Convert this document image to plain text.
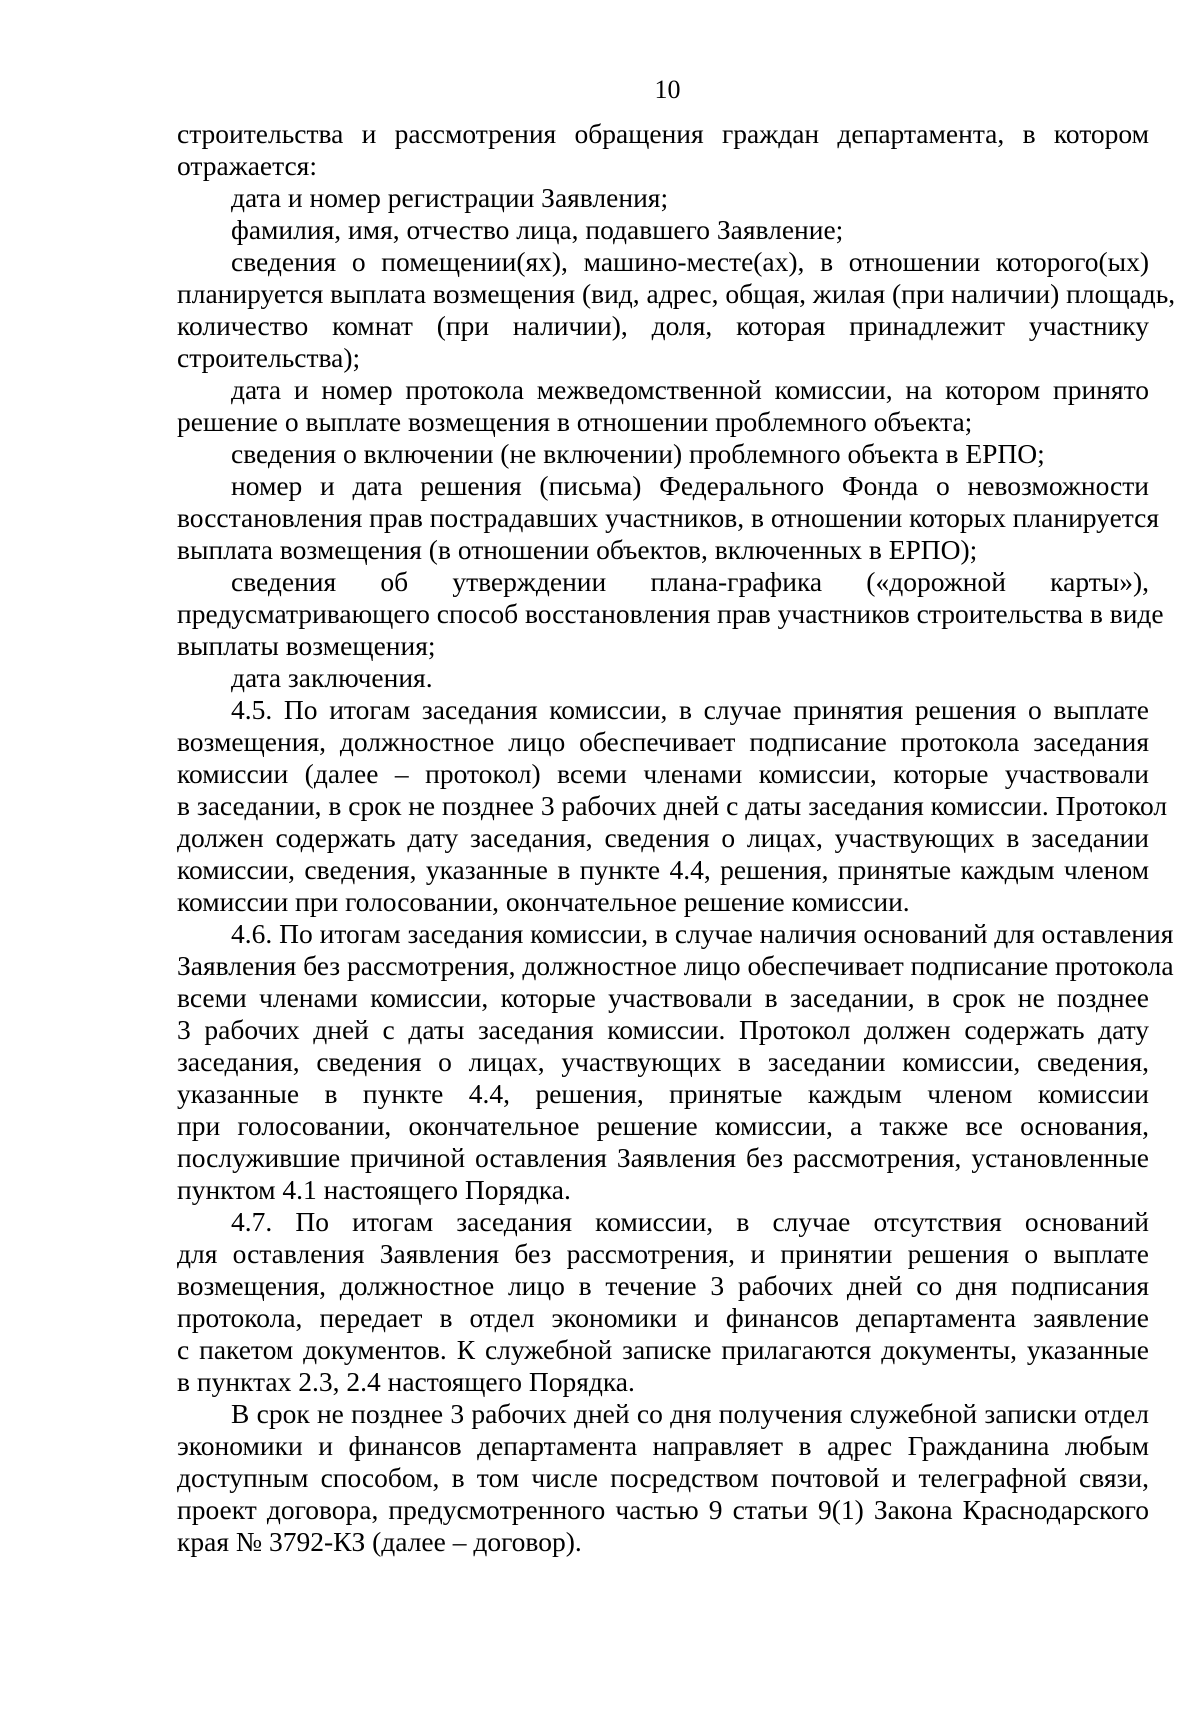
10
строительства и рассмотрения обращения граждан департамента, в котором
отражается:
дата и номер регистрации Заявления;
фамилия, имя, отчество лица, подавшего Заявление;
сведения о помещении(ях), машино-месте(ах), в отношении которого(ых)
планируется выплата возмещения (вид, адрес, общая, жилая (при наличии) площадь,
количество комнат (при наличии), доля, которая принадлежит участнику
строительства);
дата и номер протокола межведомственной комиссии, на котором принято
решение о выплате возмещения в отношении проблемного объекта;
сведения о включении (не включении) проблемного объекта в ЕРПО;
номер и дата решения (письма) Федерального Фонда о невозможности
восстановления прав пострадавших участников, в отношении которых планируется
выплата возмещения (в отношении объектов, включенных в ЕРПО);
сведения об утверждении плана-графика («дорожной карты»),
предусматривающего способ восстановления прав участников строительства в виде
выплаты возмещения;
дата заключения.
4.5. По итогам заседания комиссии, в случае принятия решения о выплате
возмещения, должностное лицо обеспечивает подписание протокола заседания
комиссии (далее – протокол) всеми членами комиссии, которые участвовали
в заседании, в срок не позднее 3 рабочих дней с даты заседания комиссии. Протокол
должен содержать дату заседания, сведения о лицах, участвующих в заседании
комиссии, сведения, указанные в пункте 4.4, решения, принятые каждым членом
комиссии при голосовании, окончательное решение комиссии.
4.6. По итогам заседания комиссии, в случае наличия оснований для оставления
Заявления без рассмотрения, должностное лицо обеспечивает подписание протокола
всеми членами комиссии, которые участвовали в заседании, в срок не позднее
3 рабочих дней с даты заседания комиссии. Протокол должен содержать дату
заседания, сведения о лицах, участвующих в заседании комиссии, сведения,
указанные в пункте 4.4, решения, принятые каждым членом комиссии
при голосовании, окончательное решение комиссии, а также все основания,
послужившие причиной оставления Заявления без рассмотрения, установленные
пунктом 4.1 настоящего Порядка.
4.7. По итогам заседания комиссии, в случае отсутствия оснований
для оставления Заявления без рассмотрения, и принятии решения о выплате
возмещения, должностное лицо в течение 3 рабочих дней со дня подписания
протокола, передает в отдел экономики и финансов департамента заявление
с пакетом документов. К служебной записке прилагаются документы, указанные
в пунктах 2.3, 2.4 настоящего Порядка.
В срок не позднее 3 рабочих дней со дня получения служебной записки отдел
экономики и финансов департамента направляет в адрес Гражданина любым
доступным способом, в том числе посредством почтовой и телеграфной связи,
проект договора, предусмотренного частью 9 статьи 9(1) Закона Краснодарского
края № 3792-КЗ (далее – договор).
